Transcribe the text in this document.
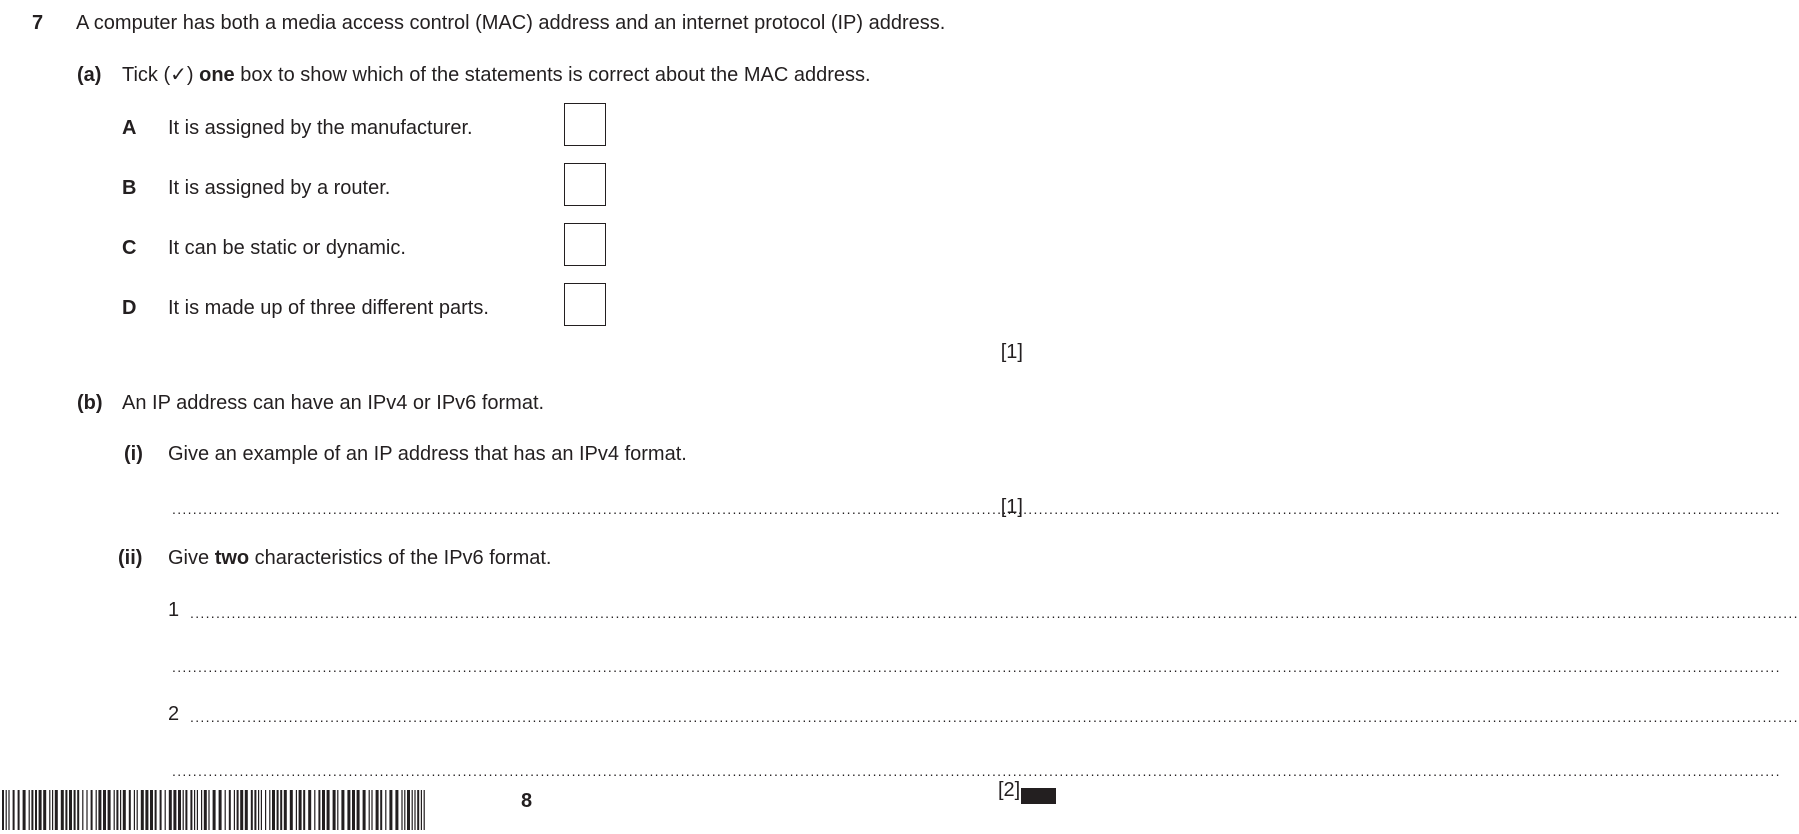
7 A computer has both a media access control (MAC) address and an internet protocol (IP) address.
(a) Tick (✓) one box to show which of the statements is correct about the MAC address.
A It is assigned by the manufacturer.
B It is assigned by a router.
C It can be static or dynamic.
D It is made up of three different parts.
[1]
(b) An IP address can have an IPv4 or IPv6 format.
(i) Give an example of an IP address that has an IPv4 format.
.....
[1]
(ii) Give two characteristics of the IPv6 format.
1
.....
.....
2
.....
.....
[2]
8
